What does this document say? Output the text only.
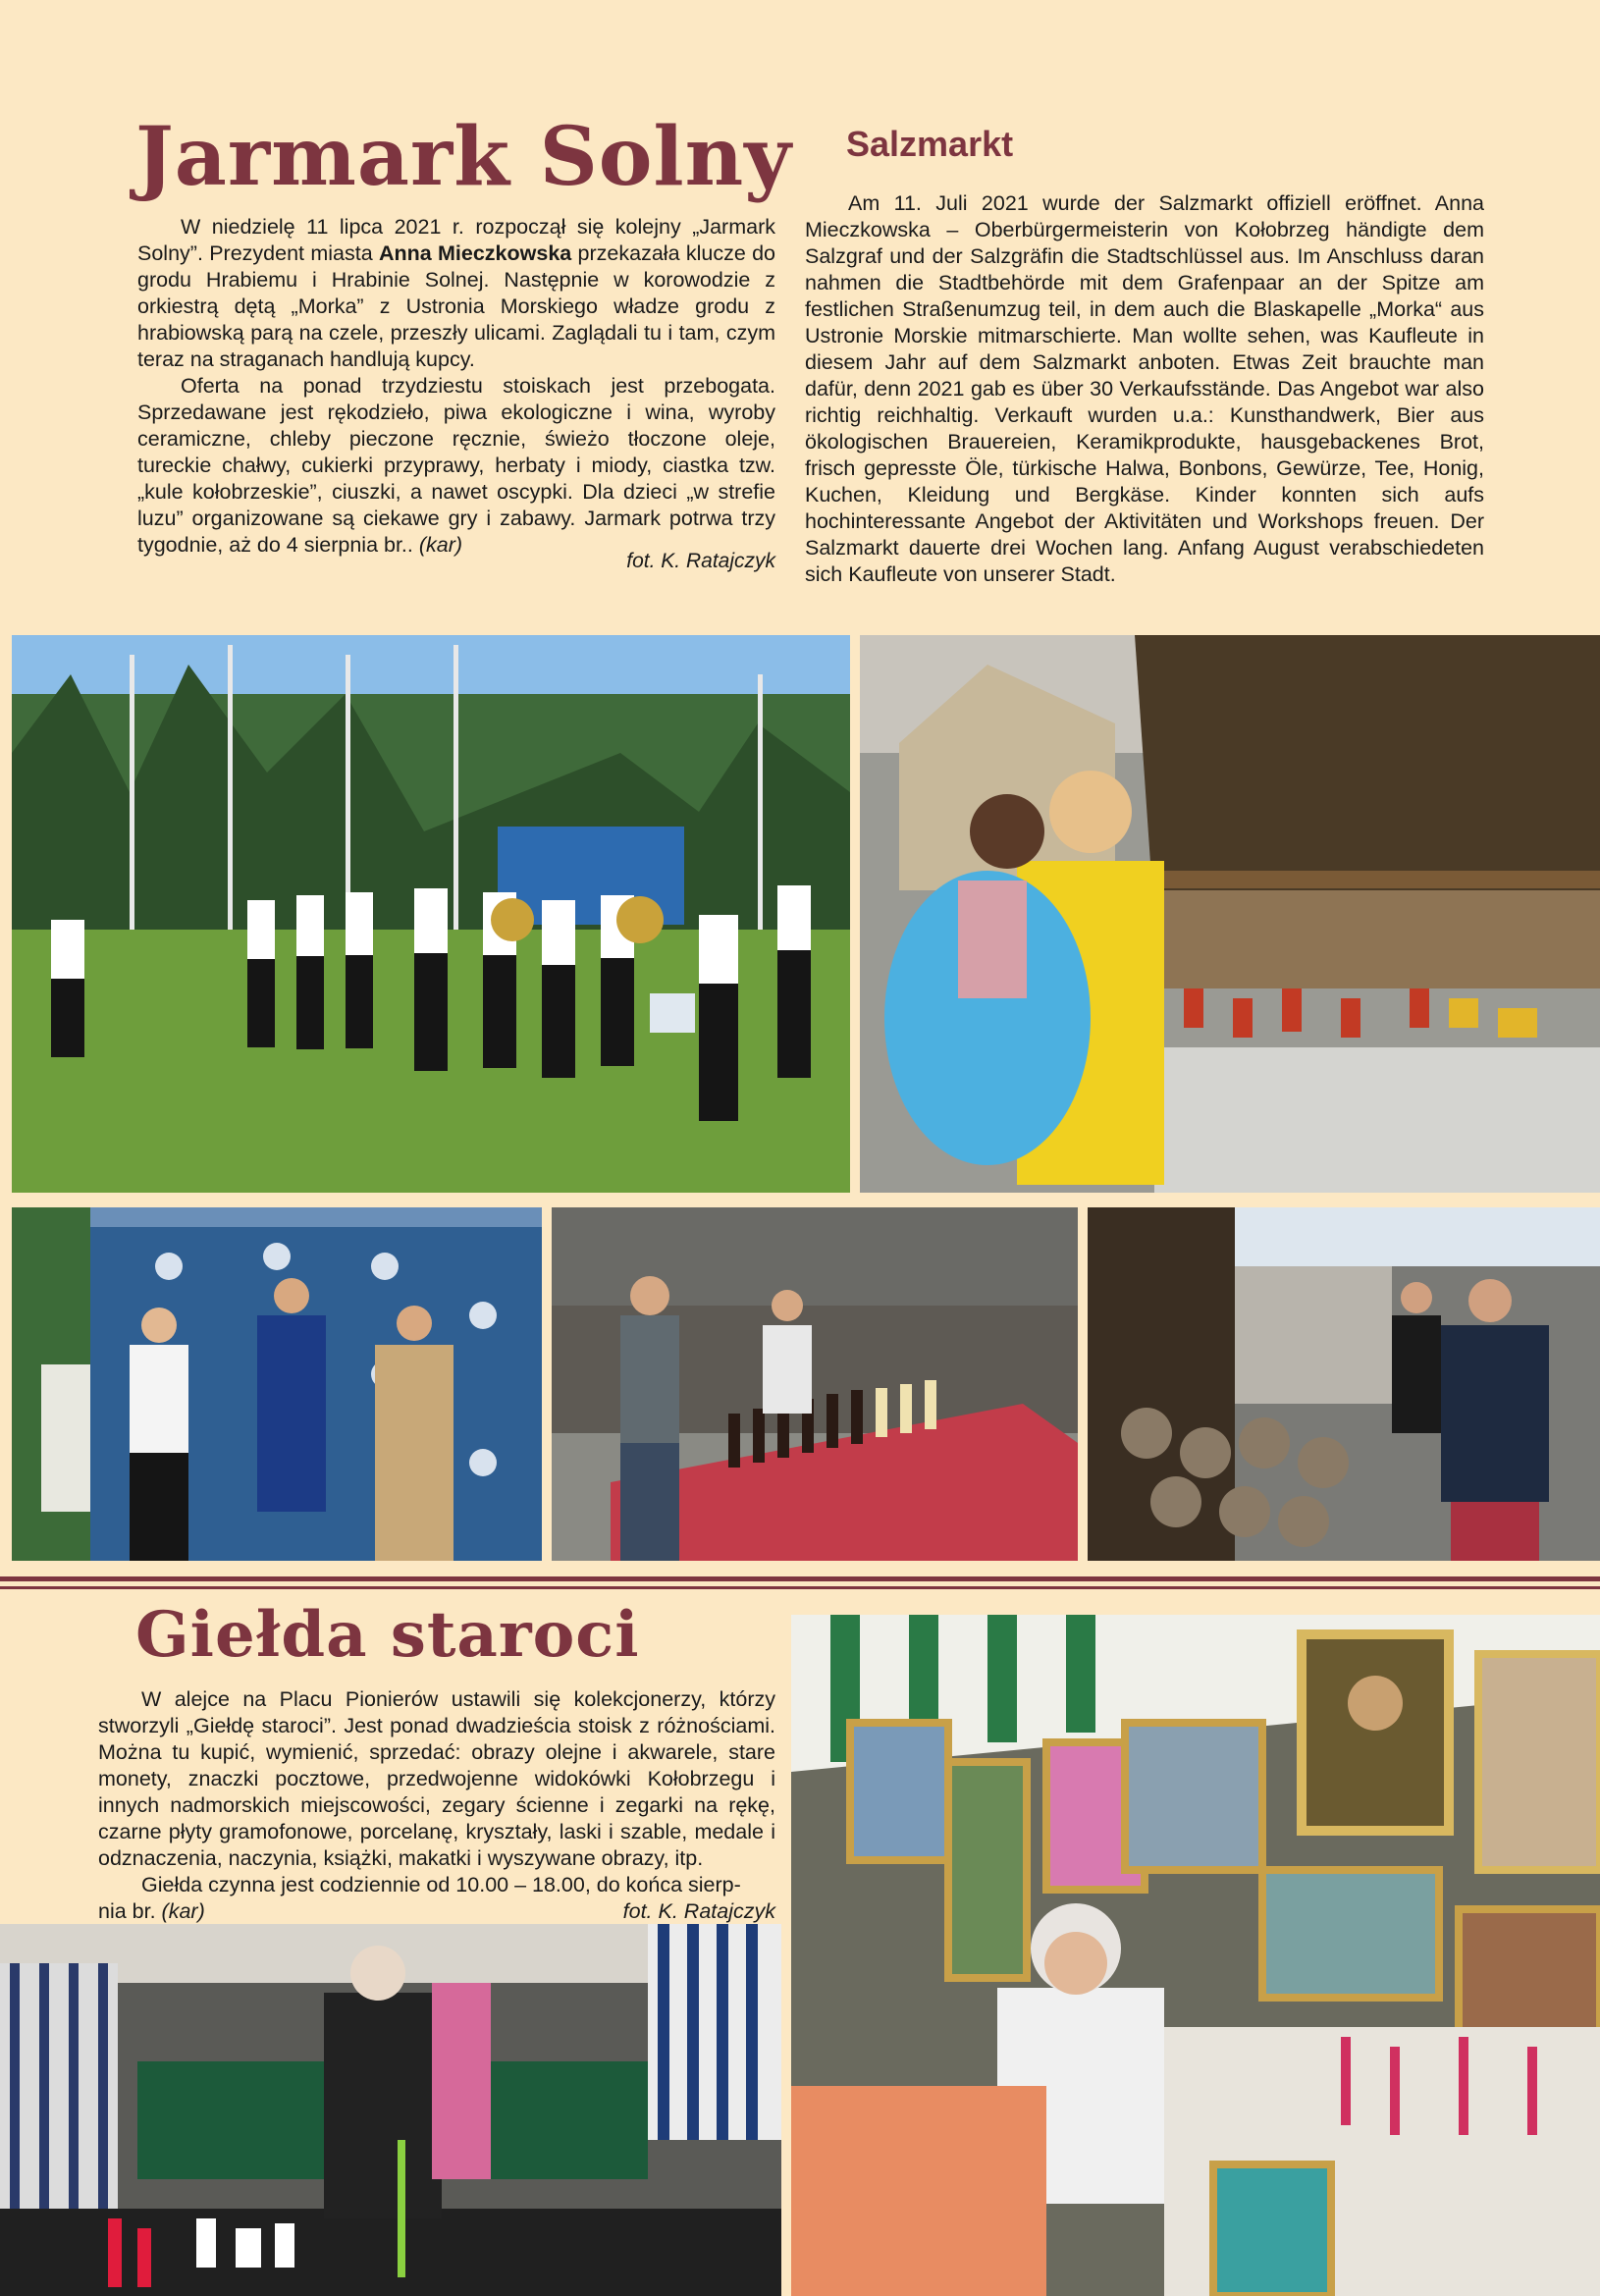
Jarmark Solny

W niedzielę 11 lipca 2021 r. rozpoczął się kolejny „Jarmark Solny”. Prezydent miasta Anna Mieczkowska przekazała klucze do grodu Hrabiemu i Hrabinie Solnej. Następnie w korowodzie z orkiestrą dętą „Morka” z Ustronia Morskiego władze grodu z hrabiowską parą na czele, przeszły ulicami. Zaglądali tu i tam, czym teraz na straganach handlują kupcy.

Oferta na ponad trzydziestu stoiskach jest przebogata. Sprzedawane jest rękodzieło, piwa ekologiczne i wina, wyroby ceramiczne, chleby pieczone ręcznie, świeżo tłoczone oleje, tureckie chałwy, cukierki przyprawy, herbaty i miody, ciastka tzw. „kule kołobrzeskie”, ciuszki, a nawet oscypki. Dla dzieci „w strefie luzu” organizowane są ciekawe gry i zabawy. Jarmark potrwa trzy tygodnie, aż do 4 sierpnia br.. (kar)

fot. K. Ratajczyk
Salzmarkt

Am 11. Juli 2021 wurde der Salzmarkt offiziell eröffnet. Anna Mieczkowska – Oberbürgermeisterin von Kołobrzeg händigte dem Salzgraf und der Salzgräfin die Stadtschlüssel aus. Im Anschluss daran nahmen die Stadtbehörde mit dem Grafenpaar an der Spitze am festlichen Straßenumzug teil, in dem auch die Blaskapelle „Morka“ aus Ustronie Morskie mitmarschierte. Man wollte sehen, was Kaufleute in diesem Jahr auf dem Salzmarkt anboten. Etwas Zeit brauchte man dafür, denn 2021 gab es über 30 Verkaufsstände. Das Angebot war also richtig reichhaltig. Verkauft wurden u.a.: Kunsthandwerk, Bier aus ökologischen Brauereien, Keramikprodukte, hausgebackenes Brot, frisch gepresste Öle, türkische Halwa, Bonbons, Gewürze, Tee, Honig, Kuchen, Kleidung und Bergkäse. Kinder konnten sich aufs hochinteressante Angebot der Aktivitäten und Workshops freuen. Der Salzmarkt dauerte drei Wochen lang. Anfang August verabschiedeten sich Kaufleute von unserer Stadt.

Giełda staroci

W alejce na Placu Pionierów ustawili się kolekcjonerzy, którzy stworzyli „Giełdę staroci”. Jest ponad dwadzieścia stoisk z różnościami. Można tu kupić, wymienić, sprzedać: obrazy olejne i akwarele, stare monety, znaczki pocztowe, przedwojenne widokówki Kołobrzegu i innych nadmorskich miejscowości, zegary ścienne i zegarki na rękę, czarne płyty gramofonowe, porcelanę, kryształy, laski i szable, medale i odznaczenia, naczynia, książki, makatki i wyszywane obrazy, itp.

Giełda czynna jest codziennie od 10.00 – 18.00, do końca sierp-

nia br. (kar)	fot. K. Ratajczyk
